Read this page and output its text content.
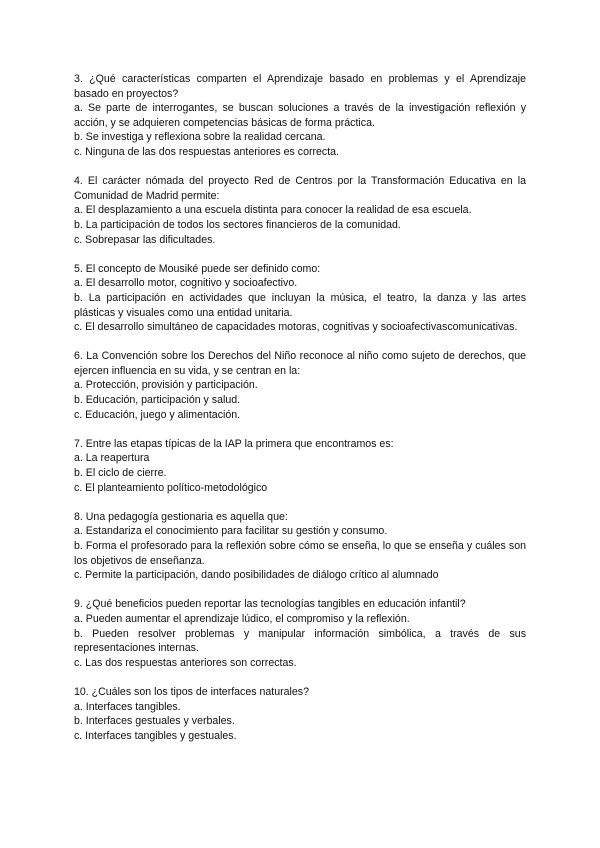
3. ¿Qué características comparten el Aprendizaje basado en problemas y el Aprendizaje basado en proyectos?
a. Se parte de interrogantes, se buscan soluciones a través de la investigación reflexión y acción, y se adquieren competencias básicas de forma práctica.
b. Se investiga y reflexiona sobre la realidad cercana.
c. Ninguna de las dos respuestas anteriores es correcta.
4. El carácter nómada del proyecto Red de Centros por la Transformación Educativa en la Comunidad de Madrid permite:
a. El desplazamiento a una escuela distinta para conocer la realidad de esa escuela.
b. La participación de todos los sectores financieros de la comunidad.
c. Sobrepasar las dificultades.
5. El concepto de Mousiké puede ser definido como:
a. El desarrollo motor, cognitivo y socioafectivo.
b. La participación en actividades que incluyan la música, el teatro, la danza y las artes plásticas y visuales como una entidad unitaria.
c. El desarrollo simultáneo de capacidades motoras, cognitivas y socioafectivascomunicativas.
6. La Convención sobre los Derechos del Niño reconoce al niño como sujeto de derechos, que ejercen influencia en su vida, y se centran en la:
a. Protección, provisión y participación.
b. Educación, participación y salud.
c. Educación, juego y alimentación.
7. Entre las etapas típicas de la IAP la primera que encontramos es:
a. La reapertura
b. El ciclo de cierre.
c. El planteamiento político-metodológico
8. Una pedagogía gestionaria es aquella que:
a. Estandariza el conocimiento para facilitar su gestión y consumo.
b. Forma el profesorado para la reflexión sobre cómo se enseña, lo que se enseña y cuáles son los objetivos de enseñanza.
c. Permite la participación, dando posibilidades de diálogo crítico al alumnado
9. ¿Qué beneficios pueden reportar las tecnologías tangibles en educación infantil?
a. Pueden aumentar el aprendizaje lúdico, el compromiso y la reflexión.
b. Pueden resolver problemas y manipular información simbólica, a través de sus representaciones internas.
c. Las dos respuestas anteriores son correctas.
10. ¿Cuáles son los tipos de interfaces naturales?
a. Interfaces tangibles.
b. Interfaces gestuales y verbales.
c. Interfaces tangibles y gestuales.
